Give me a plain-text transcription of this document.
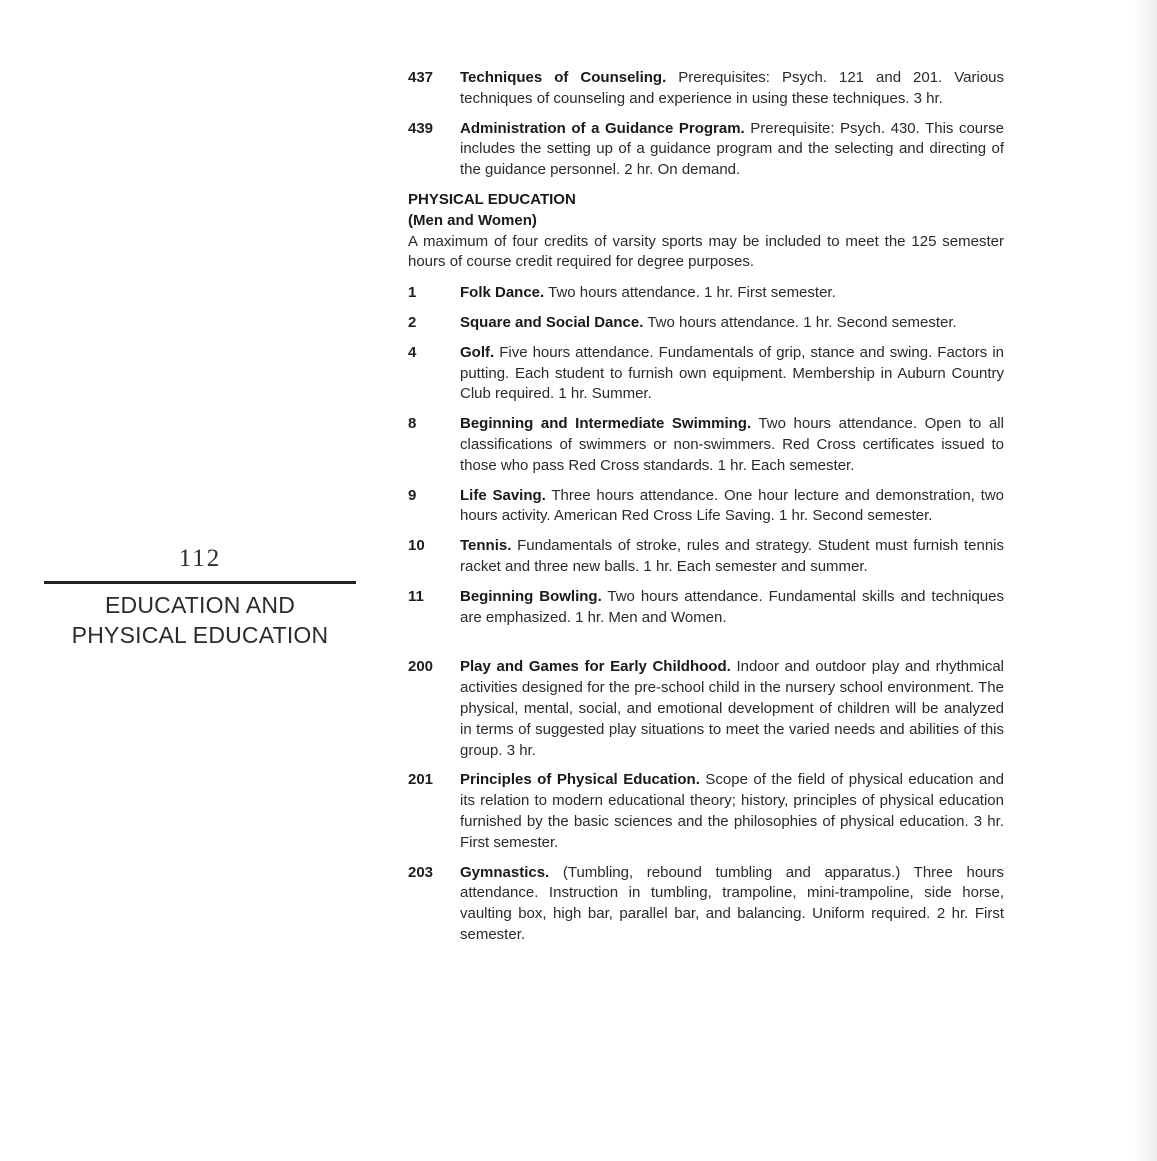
112
EDUCATION AND
PHYSICAL EDUCATION
437 Techniques of Counseling. Prerequisites: Psych. 121 and 201. Various techniques of counseling and experience in using these techniques. 3 hr.
439 Administration of a Guidance Program. Prerequisite: Psych. 430. This course includes the setting up of a guidance program and the selecting and directing of the guidance personnel. 2 hr. On demand.
PHYSICAL EDUCATION
(Men and Women)
A maximum of four credits of varsity sports may be included to meet the 125 semester hours of course credit required for degree purposes.
1	Folk Dance. Two hours attendance. 1 hr. First semester.
2	Square and Social Dance. Two hours attendance. 1 hr. Second semester.
4	Golf. Five hours attendance. Fundamentals of grip, stance and swing. Factors in putting. Each student to furnish own equipment. Membership in Auburn Country Club required. 1 hr. Summer.
8	Beginning and Intermediate Swimming. Two hours attendance. Open to all classifications of swimmers or non-swimmers. Red Cross certificates issued to those who pass Red Cross standards. 1 hr. Each semester.
9	Life Saving. Three hours attendance. One hour lecture and demonstration, two hours activity. American Red Cross Life Saving. 1 hr. Second semester.
10 Tennis. Fundamentals of stroke, rules and strategy. Student must furnish tennis racket and three new balls. 1 hr. Each semester and summer.
11 Beginning Bowling. Two hours attendance. Fundamental skills and techniques are emphasized. 1 hr. Men and Women.
200 Play and Games for Early Childhood. Indoor and outdoor play and rhythmical activities designed for the pre-school child in the nursery school environment. The physical, mental, social, and emotional development of children will be analyzed in terms of suggested play situations to meet the varied needs and abilities of this group. 3 hr.
201 Principles of Physical Education. Scope of the field of physical education and its relation to modern educational theory; history, principles of physical education furnished by the basic sciences and the philosophies of physical education. 3 hr. First semester.
203 Gymnastics. (Tumbling, rebound tumbling and apparatus.) Three hours attendance. Instruction in tumbling, trampoline, mini-trampoline, side horse, vaulting box, high bar, parallel bar, and balancing. Uniform required. 2 hr. First semester.
